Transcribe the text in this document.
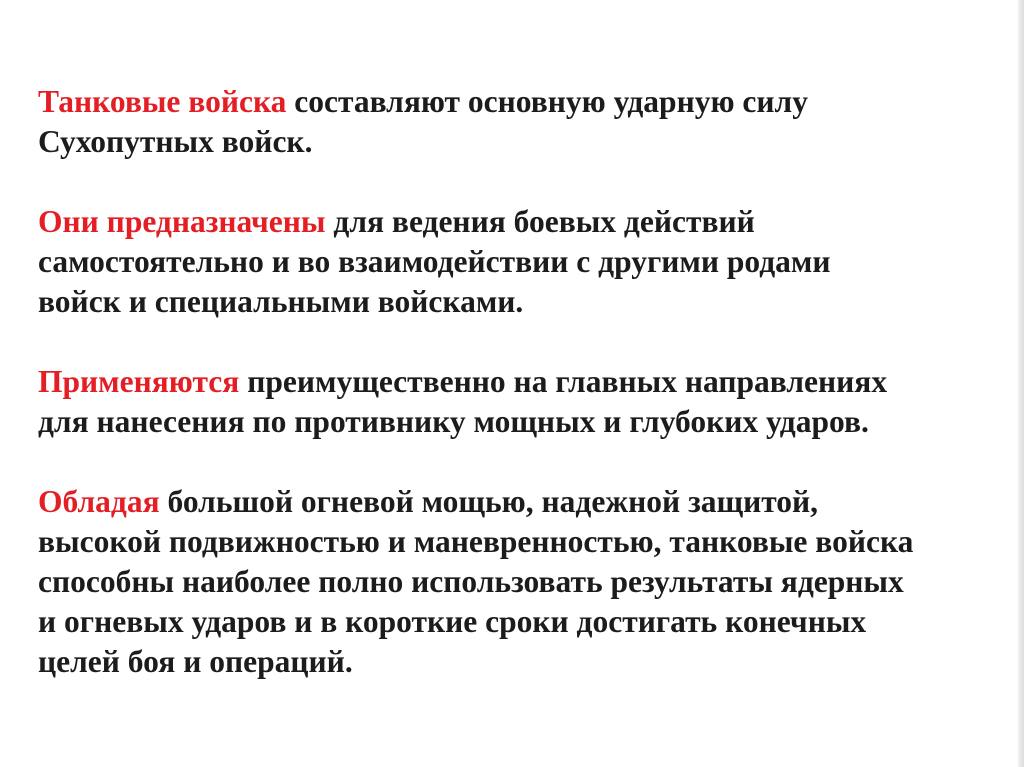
Танковые войска составляют основную ударную силу
Сухопутных войск.

Они предназначены для ведения боевых действий
самостоятельно и во взаимодействии с другими родами
войск и специальными войсками.

Применяются преимущественно на главных направлениях
для нанесения по противнику мощных и глубоких ударов.

Обладая большой огневой мощью, надежной защитой,
высокой подвижностью и маневренностью, танковые войска
способны наиболее полно использовать результаты ядерных
и огневых ударов и в короткие сроки достигать конечных
целей боя и операций.
